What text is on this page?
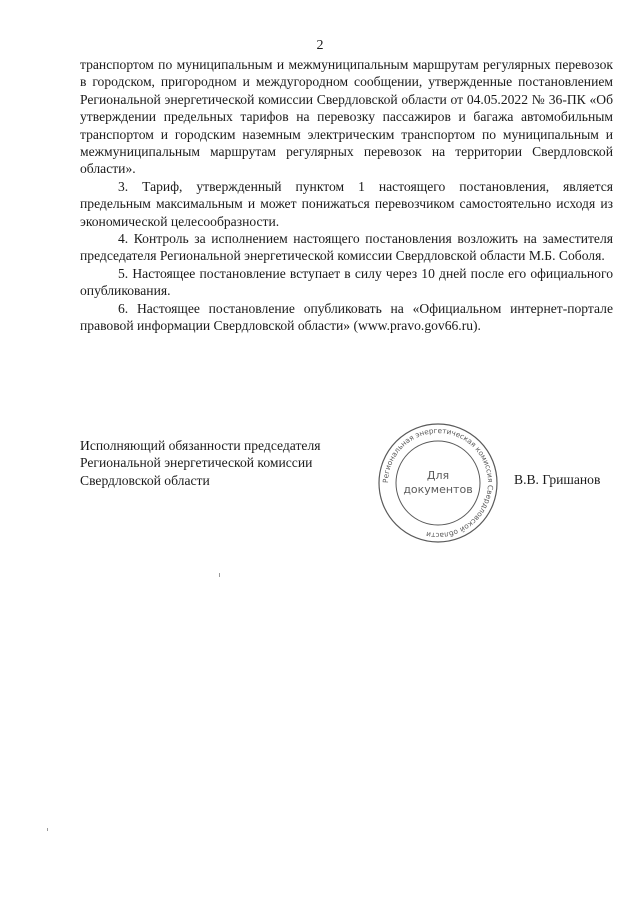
2

транспортом по муниципальным и межмуниципальным маршрутам регулярных перевозок в городском, пригородном и междугородном сообщении, утвержденные постановлением Региональной энергетической комиссии Свердловской области от 04.05.2022 № 36-ПК «Об утверждении предельных тарифов на перевозку пассажиров и багажа автомобильным транспортом и городским наземным электрическим транспортом по муниципальным и межмуниципальным маршрутам регулярных перевозок на территории Свердловской области».

3. Тариф, утвержденный пунктом 1 настоящего постановления, является предельным максимальным и может понижаться перевозчиком самостоятельно исходя из экономической целесообразности.

4. Контроль за исполнением настоящего постановления возложить на заместителя председателя Региональной энергетической комиссии Свердловской области М.Б. Соболя.

5. Настоящее постановление вступает в силу через 10 дней после его официального опубликования.

6. Настоящее постановление опубликовать на «Официальном интернет-портале правовой информации Свердловской области» (www.pravo.gov66.ru).

Исполняющий обязанности председателя
Региональной энергетической комиссии
Свердловской области	Региональная энергетическая комиссия Свердловской области
Для
документов
В.В. Гришанов
